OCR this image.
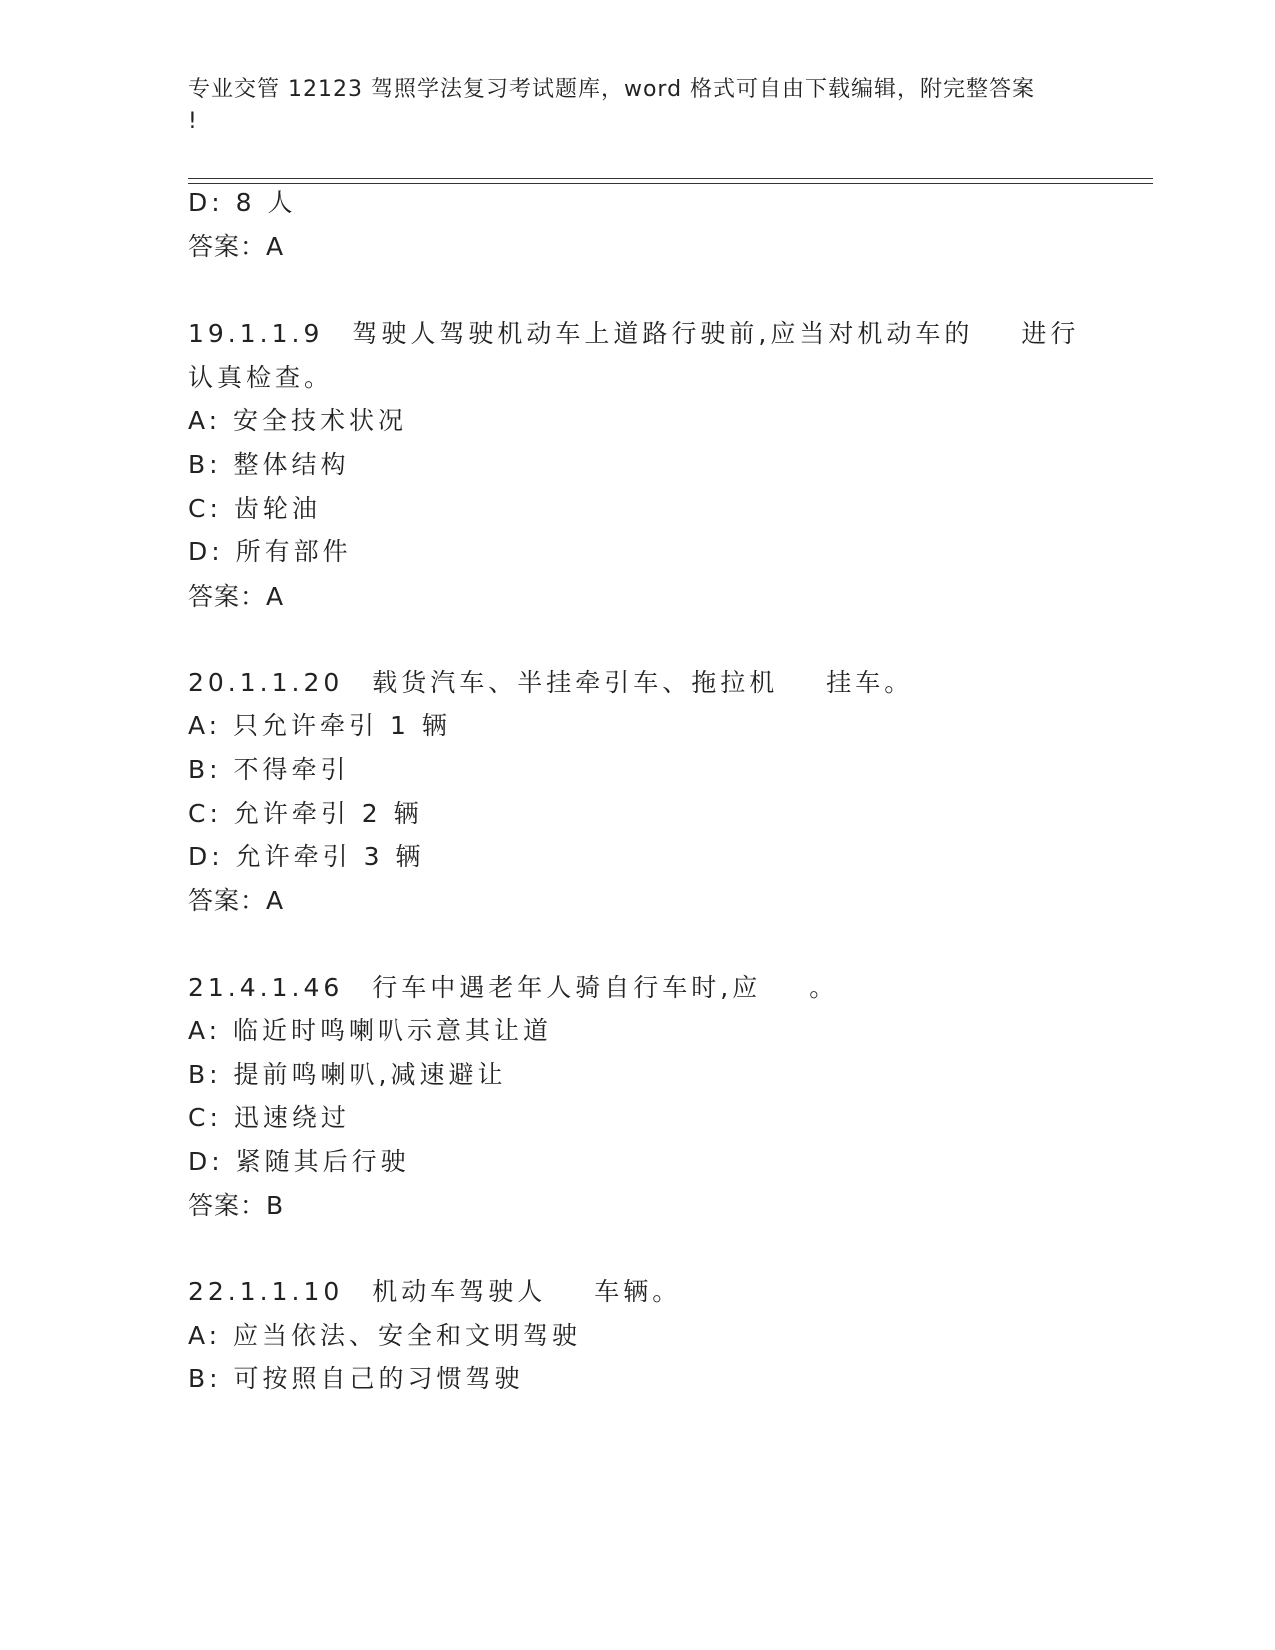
专业交管 12123 驾照学法复习考试题库，word 格式可自由下载编辑，附完整答案
!
D: 8 人
答案：A
19.1.1.9　驾驶人驾驶机动车上道路行驶前,应当对机动车的 进行
认真检查。
A: 安全技术状况
B: 整体结构
C: 齿轮油
D: 所有部件
答案：A
20.1.1.20　载货汽车、半挂牵引车、拖拉机 挂车。
A: 只允许牵引 1 辆
B: 不得牵引
C: 允许牵引 2 辆
D: 允许牵引 3 辆
答案：A
21.4.1.46　行车中遇老年人骑自行车时,应 。
A: 临近时鸣喇叭示意其让道
B: 提前鸣喇叭,减速避让
C: 迅速绕过
D: 紧随其后行驶
答案：B
22.1.1.10　机动车驾驶人 车辆。
A: 应当依法、安全和文明驾驶
B: 可按照自己的习惯驾驶
